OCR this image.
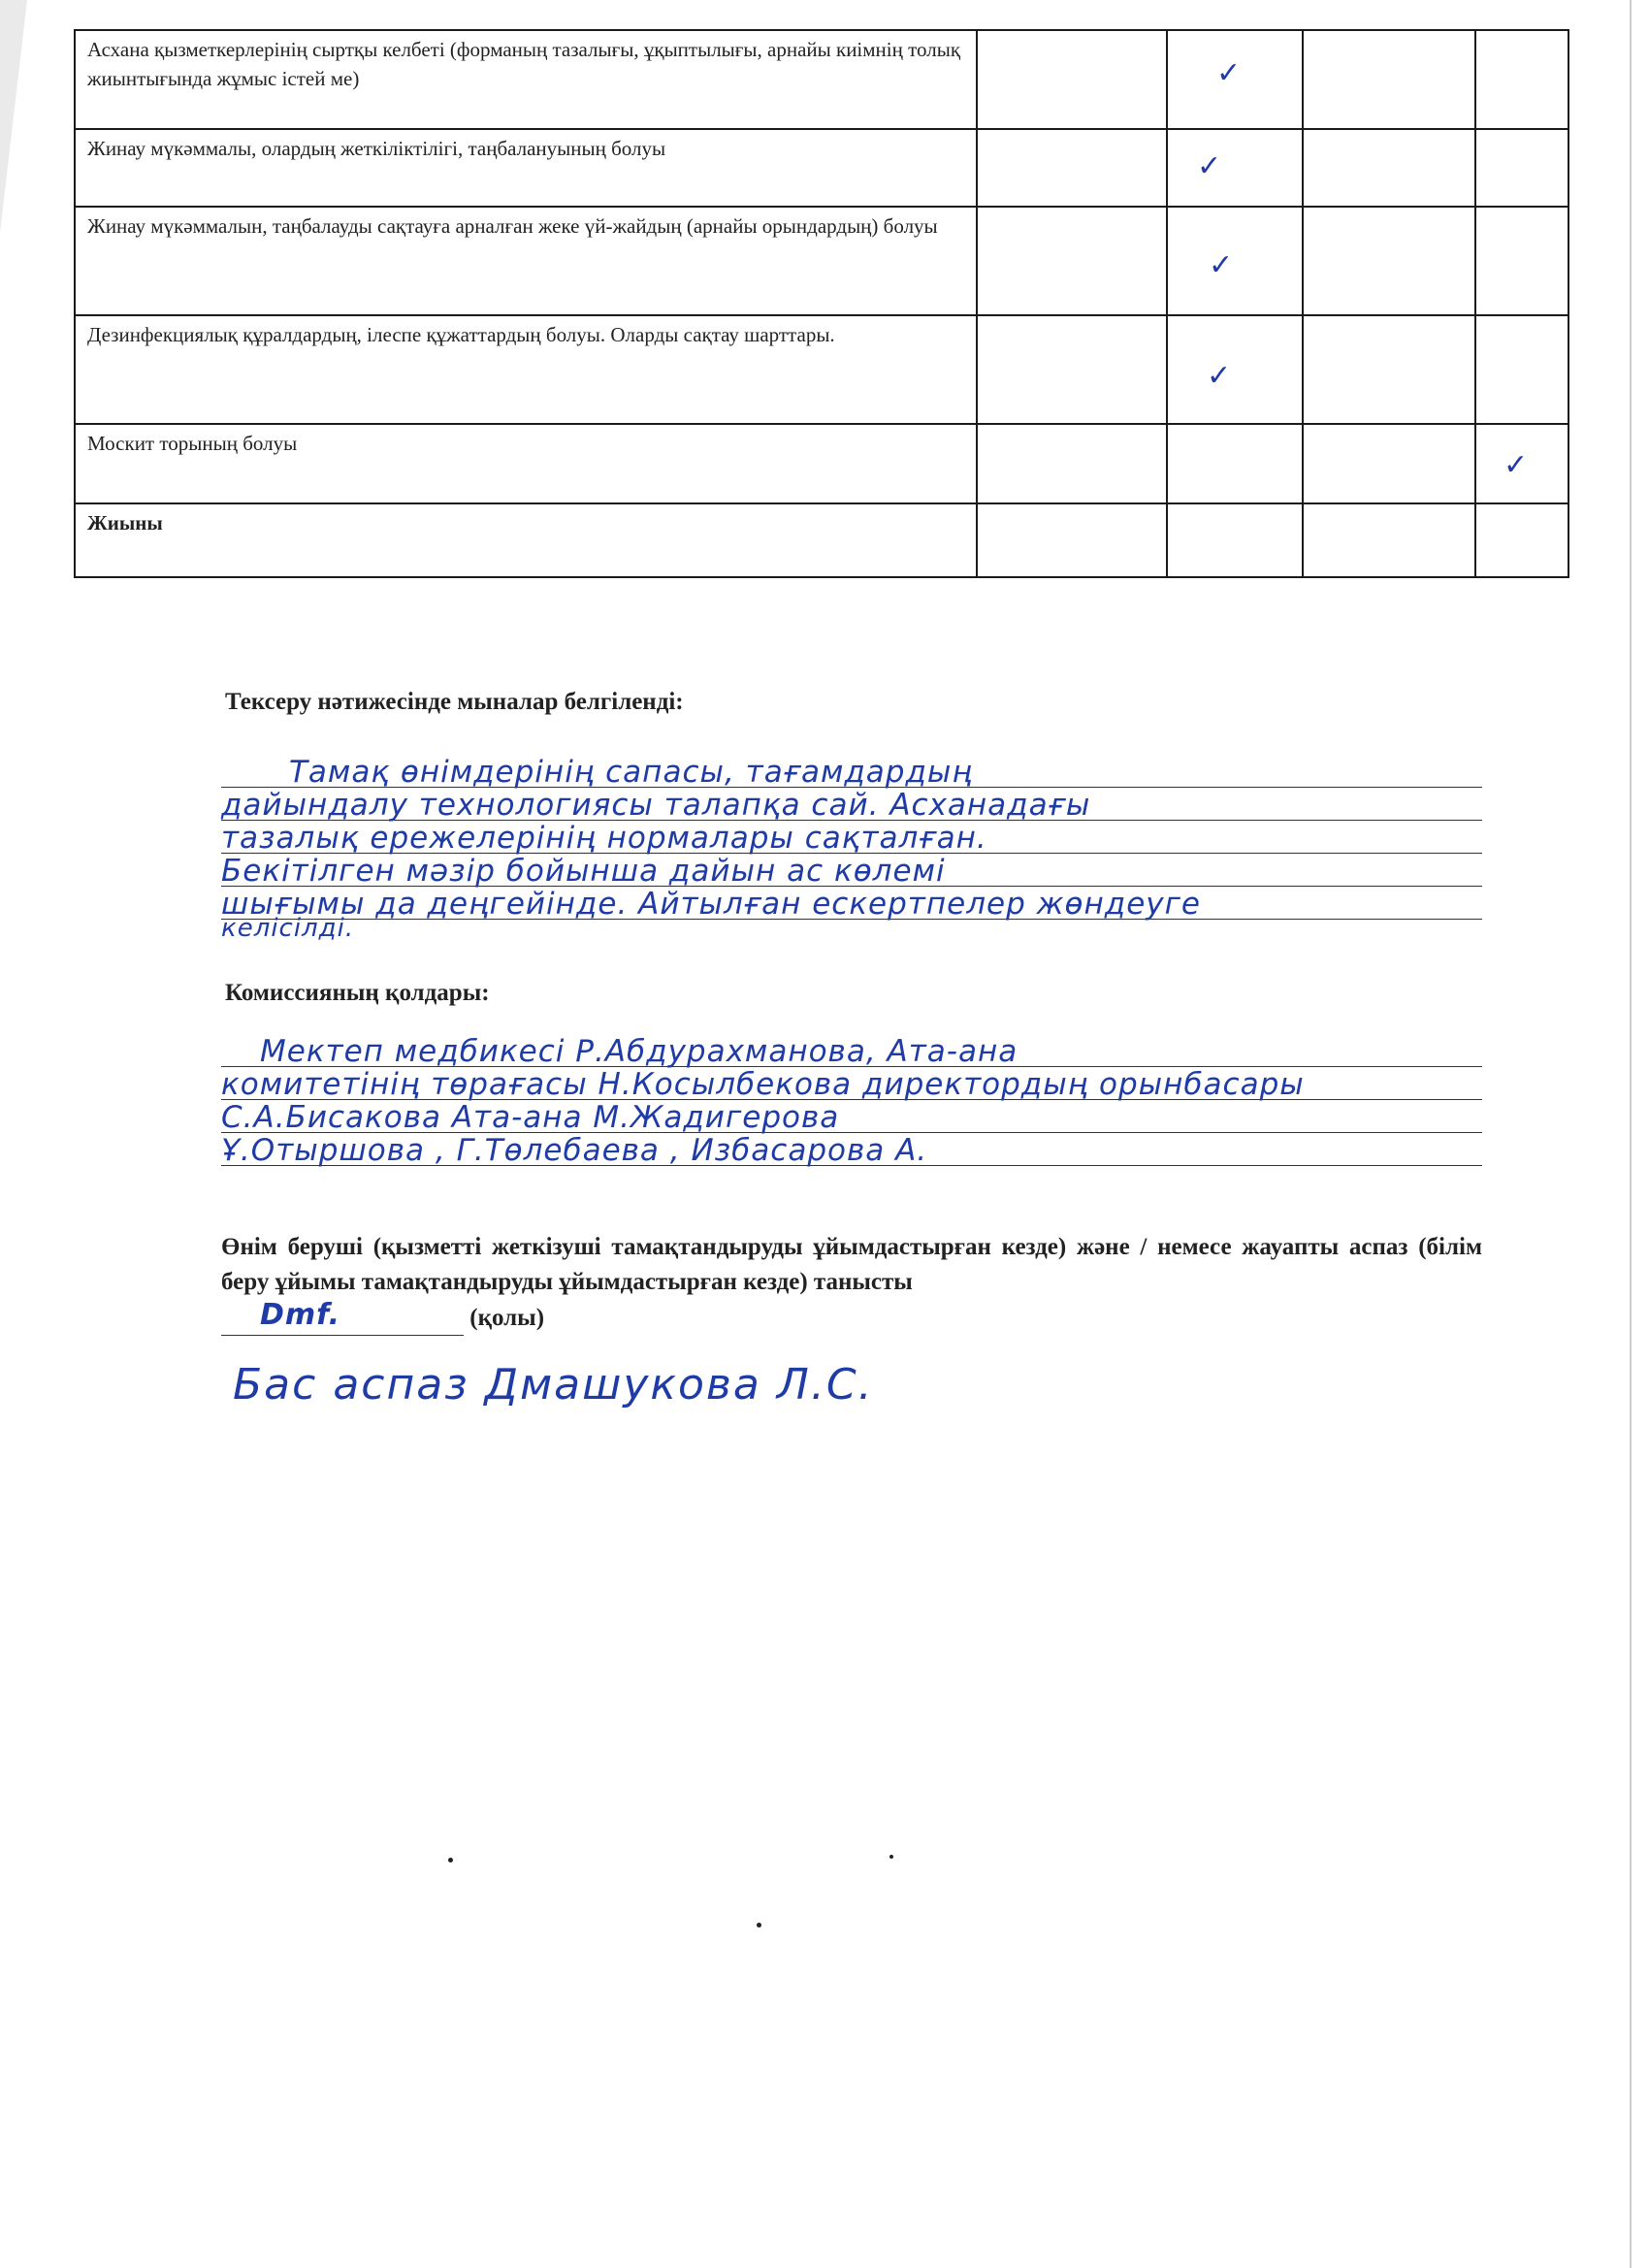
Асхана қызметкерлерінің сыртқы келбеті (форманың тазалығы, ұқыптылығы, арнайы киімнің толық жиынтығында жұмыс істей ме)		✓		

Жинау мүкәммалы, олардың жеткіліктілігі, таңбалануының болуы		✓		

Жинау мүкәммалын, таңбалауды сақтауға арналған жеке үй-жайдың (арнайы орындардың) болуы		✓		

Дезинфекциялық құралдардың, ілеспе құжаттардың болуы. Оларды сақтау шарттары.		✓		

Москит торының болуы				✓

Жиыны				
Тексеру нәтижесінде мыналар белгіленді:
Тамақ өнімдерінің сапасы, тағамдардың
дайындалу технологиясы талапқа сай. Асханадағы
тазалық ережелерінің нормалары сақталған.
Бекітілген мәзір бойынша дайын ас көлемі
шығымы да деңгейінде. Айтылған ескертпелер жөндеуге
келісілді.
Комиссияның қолдары:
Мектеп медбикесі Р.Абдурахманова, Ата-ана
комитетінің төрағасы Н.Косылбекова директордың орынбасары
С.А.Бисакова Ата-ана М.Жадигерова
Ұ.Отыршова , Г.Төлебаева , Избасарова А.
Өнім беруші (қызметті жеткізуші тамақтандыруды ұйымдастырған кезде) және / немесе жауапты аспаз (білім беру ұйымы тамақтандыруды ұйымдастырған кезде) танысты

Dmf.	(қолы)
Бас аспаз Дмашукова Л.С.
